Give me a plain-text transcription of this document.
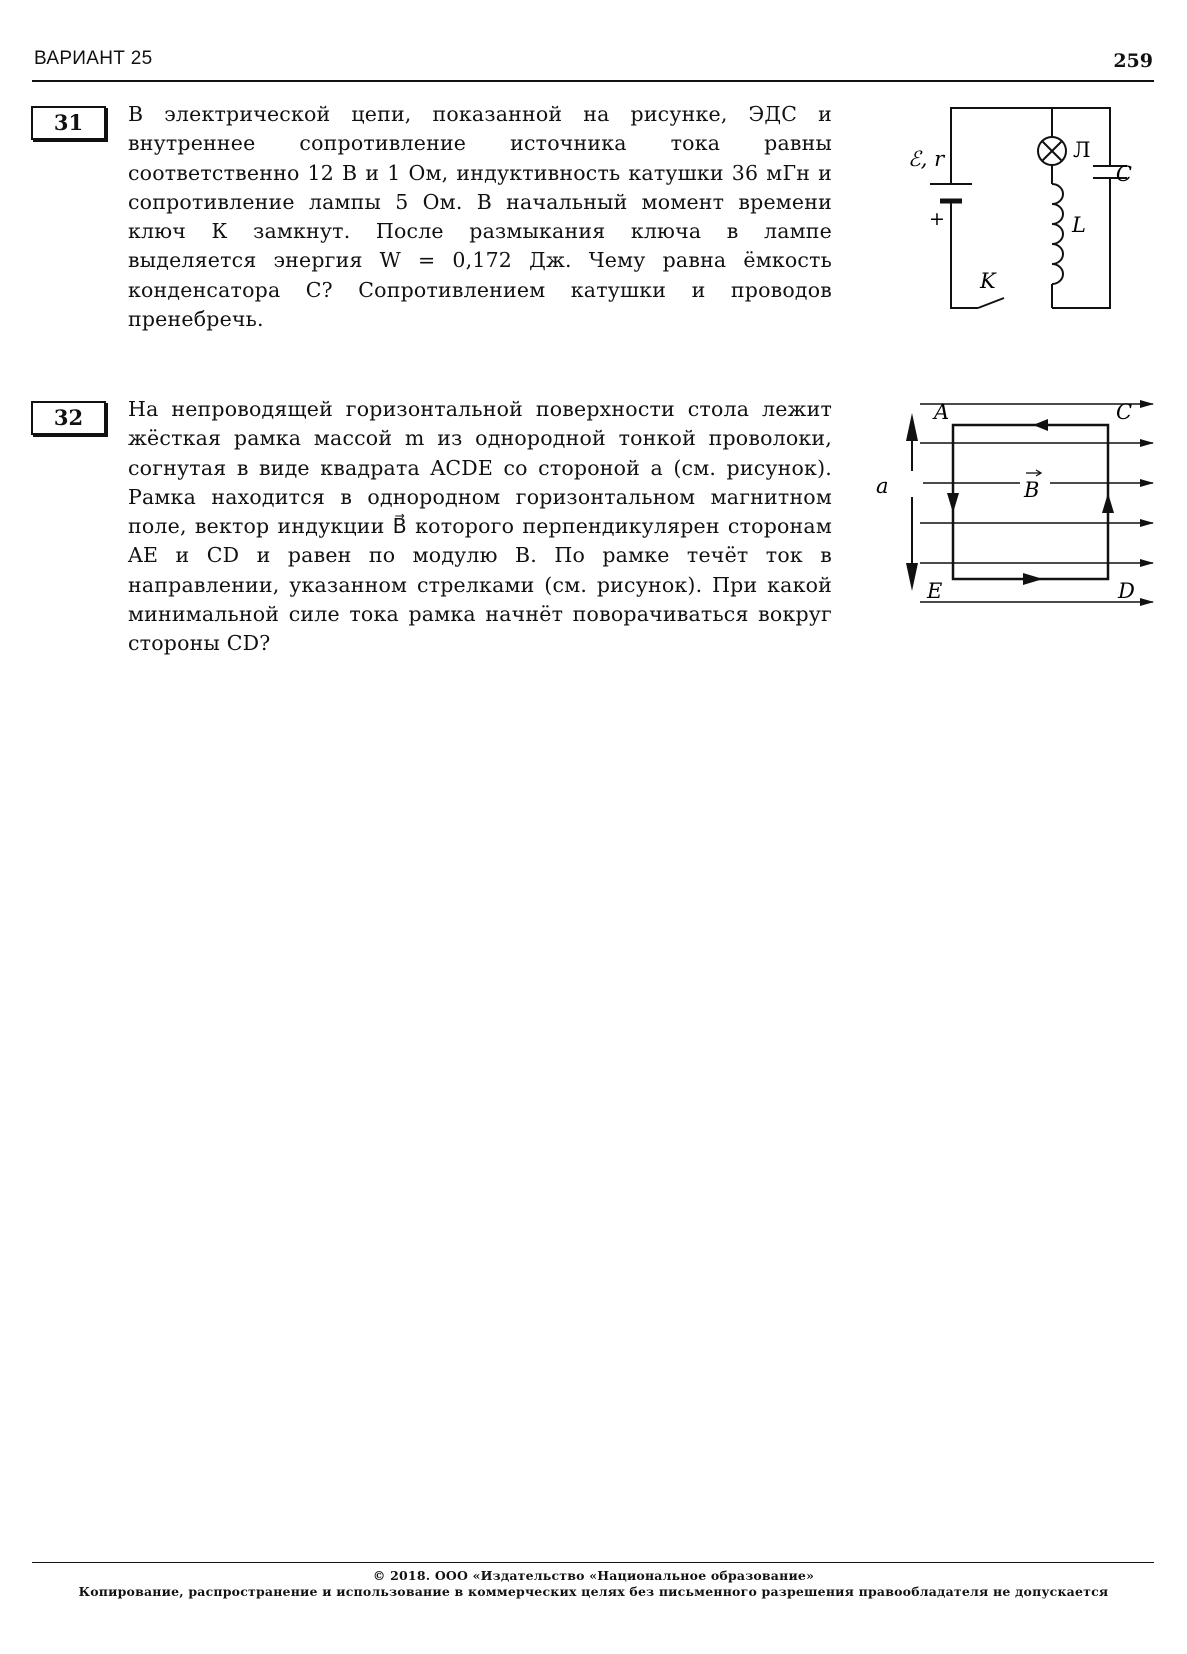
ВАРИАНТ 25	259
31	В электрической цепи, показанной на рисунке, ЭДС и внутреннее сопротивление источника тока равны соответственно 12 В и 1 Ом, индуктивность катушки 36 мГн и сопротивление лампы 5 Ом. В начальный момент времени ключ К замкнут. После размыкания ключа в лампе выделяется энергия W = 0,172 Дж. Чему равна ёмкость конденсатора C? Сопротивлением катушки и проводов пренебречь.
ℰ, r
+
Л
C
L
K
32	На непроводящей горизонтальной поверхности стола лежит жёсткая рамка массой m из однородной тонкой проволоки, согнутая в виде квадрата ACDE со стороной a (см. рисунок). Рамка находится в однородном горизонтальном магнитном поле, вектор индукции B⃗ которого перпендикулярен сторонам AE и CD и равен по модулю B. По рамке течёт ток в направлении, указанном стрелками (см. рисунок). При какой минимальной силе тока рамка начнёт поворачиваться вокруг стороны CD?
a
A	C
E	D
B
© 2018. ООО «Издательство «Национальное образование»
Копирование, распространение и использование в коммерческих целях без письменного разрешения правообладателя не допускается
